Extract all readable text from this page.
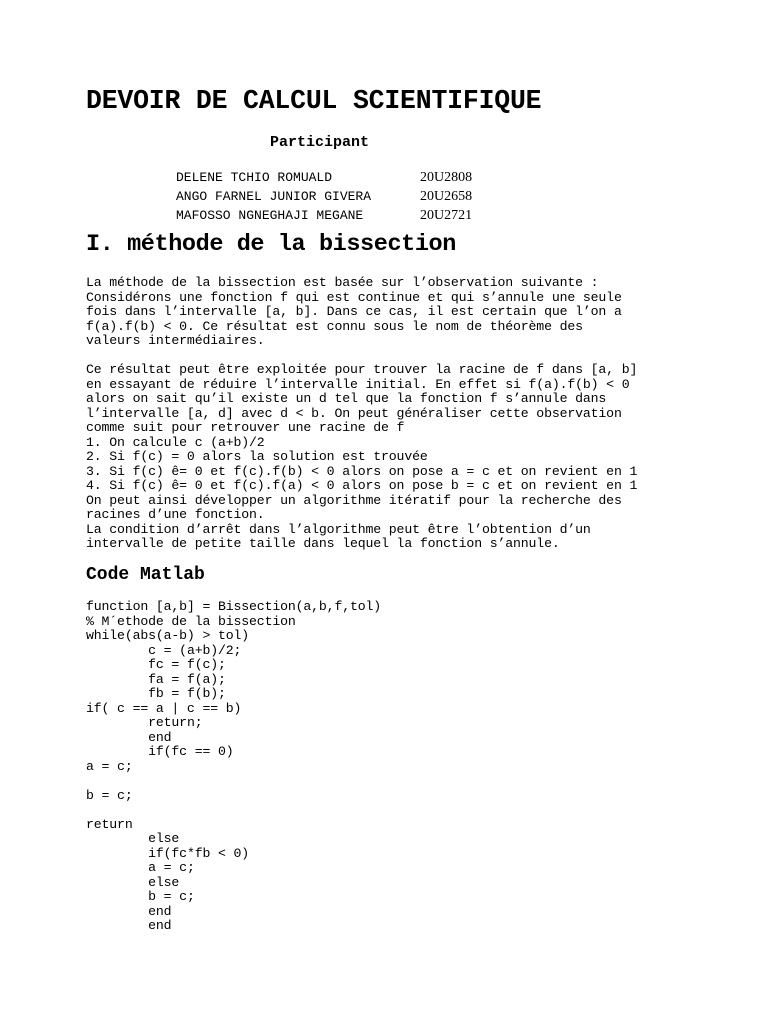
DEVOIR DE CALCUL SCIENTIFIQUE
Participant
DELENE TCHIO ROMUALD	20U2808
ANGO FARNEL JUNIOR GIVERA	20U2658
MAFOSSO NGNEGHAJI MEGANE	20U2721
I. méthode de la bissection
La méthode de la bissection est basée sur l’observation suivante :
Considérons une fonction f qui est continue et qui s’annule une seule
fois dans l’intervalle [a, b]. Dans ce cas, il est certain que l’on a
f(a).f(b) < 0. Ce résultat est connu sous le nom de théorème des
valeurs intermédiaires.
Ce résultat peut être exploitée pour trouver la racine de f dans [a, b]
en essayant de réduire l’intervalle initial. En effet si f(a).f(b) < 0
alors on sait qu’il existe un d tel que la fonction f s’annule dans
l’intervalle [a, d] avec d < b. On peut généraliser cette observation
comme suit pour retrouver une racine de f
1. On calcule c (a+b)/2
2. Si f(c) = 0 alors la solution est trouvée
3. Si f(c) ê= 0 et f(c).f(b) < 0 alors on pose a = c et on revient en 1
4. Si f(c) ê= 0 et f(c).f(a) < 0 alors on pose b = c et on revient en 1
On peut ainsi développer un algorithme itératif pour la recherche des
racines d’une fonction.
La condition d’arrêt dans l’algorithme peut être l’obtention d’un
intervalle de petite taille dans lequel la fonction s’annule.
Code Matlab
function [a,b] = Bissection(a,b,f,tol)
% M´ethode de la bissection
while(abs(a-b) > tol)
	c = (a+b)/2;
	fc = f(c);
	fa = f(a);
	fb = f(b);
if( c == a | c == b)
	return;
	end
	if(fc == 0)
a = c;
b = c;
return
	else
	if(fc*fb < 0)
	a = c;
	else
	b = c;
	end
	end
